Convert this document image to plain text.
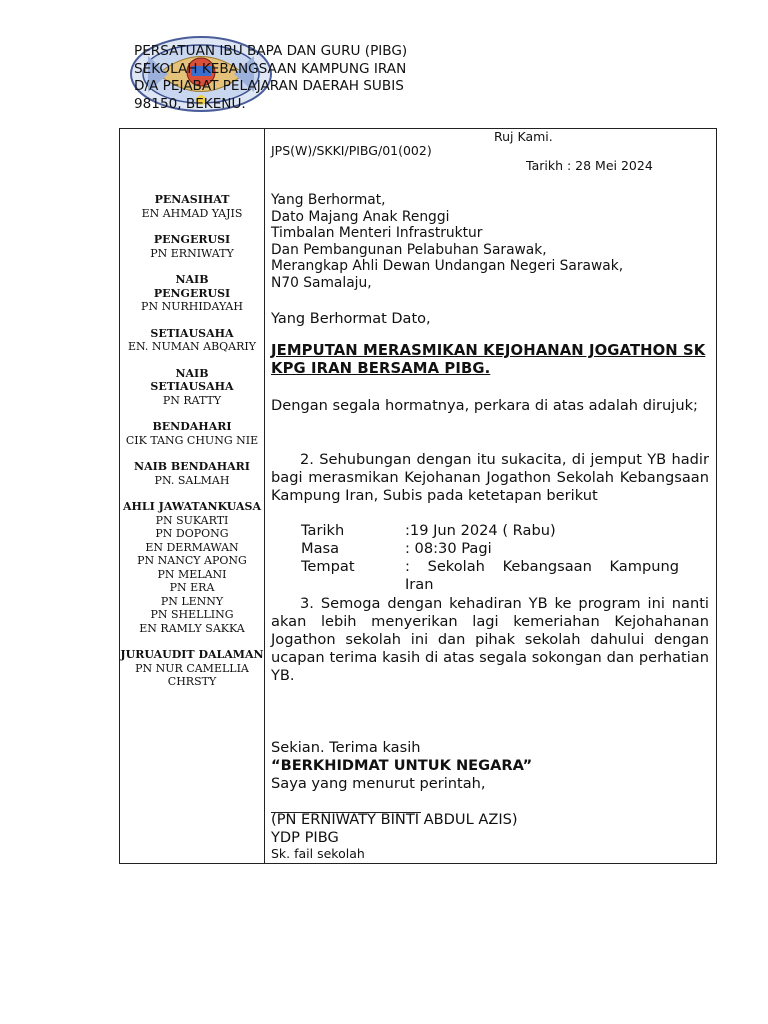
PERSATUAN IBU BAPA DAN GURU (PIBG)
SEKOLAH KEBANGSAAN KAMPUNG IRAN
D/A PEJABAT PELAJARAN DAERAH SUBIS
98150, BEKENU.
PENASIHAT
EN AHMAD YAJIS
PENGERUSI
PN ERNIWATY
NAIB
PENGERUSI
PN NURHIDAYAH
SETIAUSAHA
EN. NUMAN ABQARIY
NAIB
SETIAUSAHA
PN RATTY
BENDAHARI
CIK TANG CHUNG NIE
NAIB BENDAHARI
PN. SALMAH
AHLI JAWATANKUASA
PN SUKARTI
PN DOPONG
EN DERMAWAN
PN NANCY APONG
PN MELANI
PN ERA
PN LENNY
PN SHELLING
EN RAMLY SAKKA
JURUAUDIT DALAMAN
PN NUR CAMELLIA
CHRSTY
Ruj Kami.
JPS(W)/SKKI/PIBG/01(002)
Tarikh : 28 Mei 2024
Yang Berhormat,
Dato Majang Anak Renggi
Timbalan Menteri Infrastruktur
Dan Pembangunan Pelabuhan Sarawak,
Merangkap Ahli Dewan Undangan Negeri Sarawak,
N70 Samalaju,
Yang Berhormat Dato,
JEMPUTAN MERASMIKAN KEJOHANAN JOGATHON SK KPG IRAN BERSAMA PIBG.
Dengan segala hormatnya, perkara di atas adalah dirujuk;
2. Sehubungan dengan itu sukacita, di jemput YB hadir bagi merasmikan Kejohanan Jogathon Sekolah Kebangsaan Kampung Iran, Subis pada ketetapan berikut
Tarikh	:19 Jun 2024 ( Rabu)
Masa	: 08:30 Pagi
Tempat	: Sekolah Kebangsaan Kampung
Iran
3. Semoga dengan kehadiran YB ke program ini nanti akan lebih menyerikan lagi kemeriahan Kejohahanan Jogathon sekolah ini dan pihak sekolah dahului dengan ucapan terima kasih di atas segala sokongan dan perhatian YB.
Sekian. Terima kasih
“BERKHIDMAT UNTUK NEGARA”
Saya yang menurut perintah,
(PN ERNIWATY BINTI ABDUL AZIS)
YDP PIBG
Sk. fail sekolah
